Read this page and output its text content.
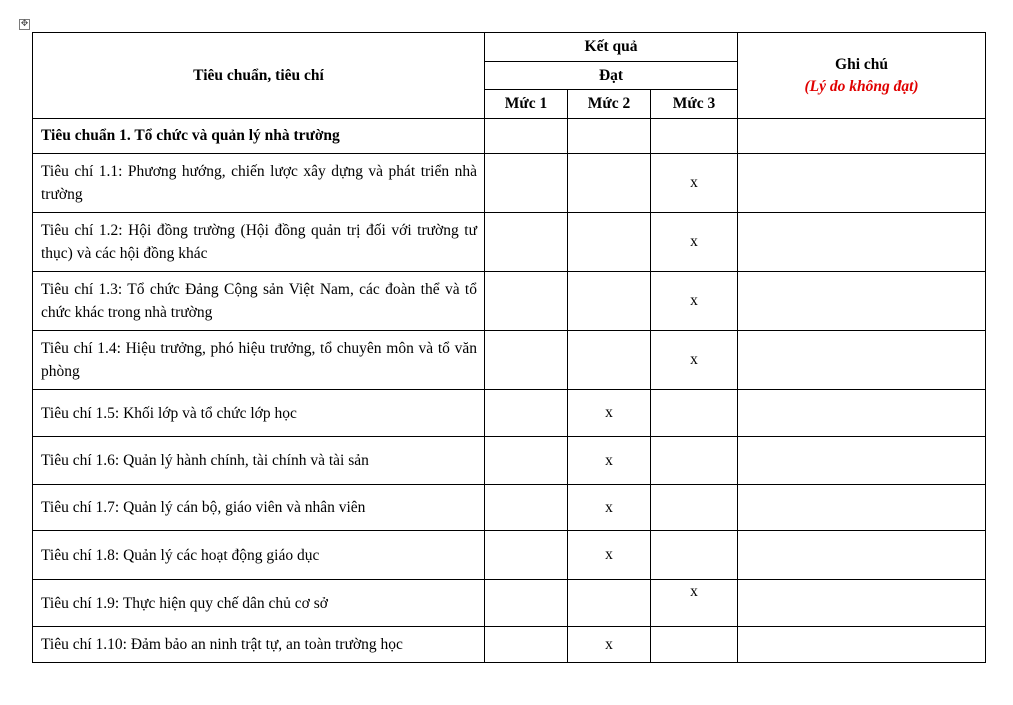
✥
Tiêu chuẩn, tiêu chí	Kết quả			Ghi chú
(Lý do không đạt)

	Đạt			
	Mức 1	Mức 2	Mức 3	
Tiêu chuẩn 1. Tổ chức và quản lý nhà trường				
Tiêu chí 1.1: Phương hướng, chiến lược xây dựng và phát triển nhà trường			x	
Tiêu chí 1.2: Hội đồng trường (Hội đồng quản trị đối với trường tư thục) và các hội đồng khác			x	
Tiêu chí 1.3: Tổ chức Đảng Cộng sản Việt Nam, các đoàn thể và tổ chức khác trong nhà trường			x	
Tiêu chí 1.4: Hiệu trưởng, phó hiệu trưởng, tổ chuyên môn và tổ văn phòng			x	
Tiêu chí 1.5: Khối lớp và tổ chức lớp học		x		
Tiêu chí 1.6: Quản lý hành chính, tài chính và tài sản		x		
Tiêu chí 1.7: Quản lý cán bộ, giáo viên và nhân viên		x		
Tiêu chí 1.8: Quản lý các hoạt động giáo dục		x		
Tiêu chí 1.9: Thực hiện quy chế dân chủ cơ sở			x	
Tiêu chí 1.10: Đảm bảo an ninh trật tự, an toàn trường học		x		
